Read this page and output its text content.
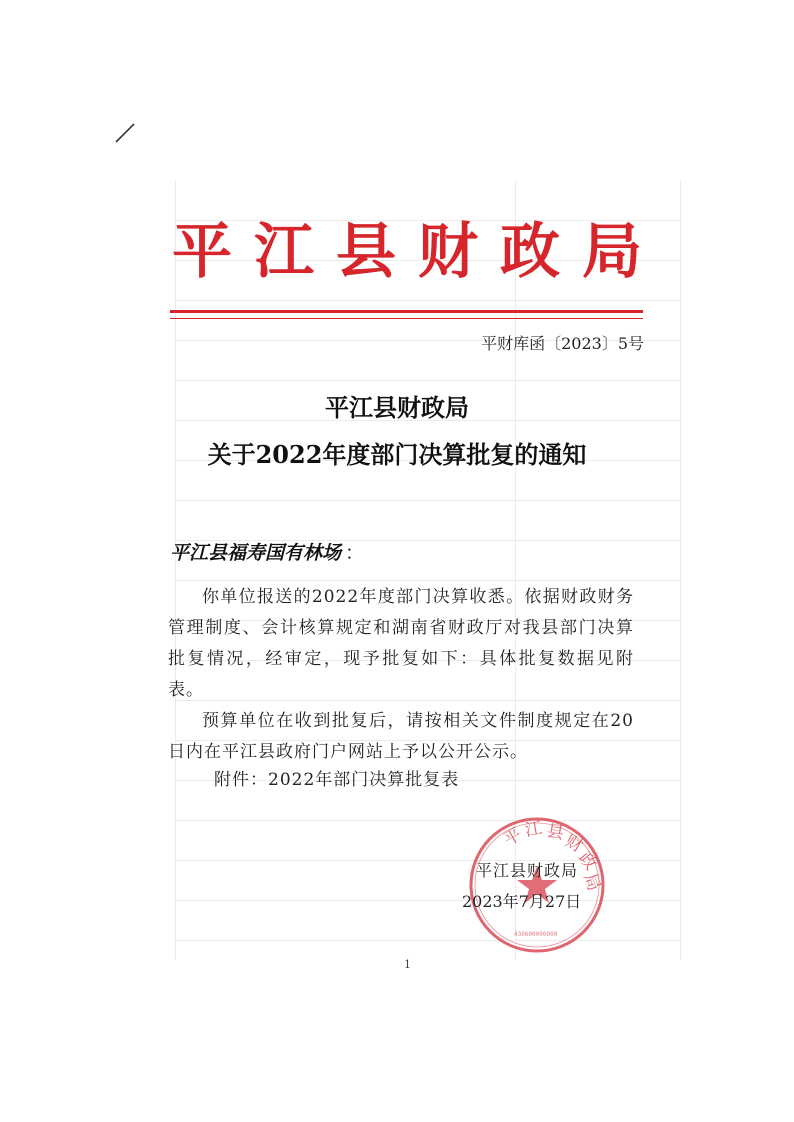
平江县财政局
平财库函〔2023〕5号
平江县财政局
关于2022年度部门决算批复的通知
平江县福寿国有林场 ：

你单位报送的2022年度部门决算收悉。依据财政财务管理制度、会计核算规定和湖南省财政厅对我县部门决算批复情况，经审定，现予批复如下：具体批复数据见附表。

预算单位在收到批复后，请按相关文件制度规定在20日内在平江县政府门户网站上予以公开公示。

附件：2022年部门决算批复表
平
江 县
财
政
局
430600000000
平江县财政局
2023年7月27日
1
